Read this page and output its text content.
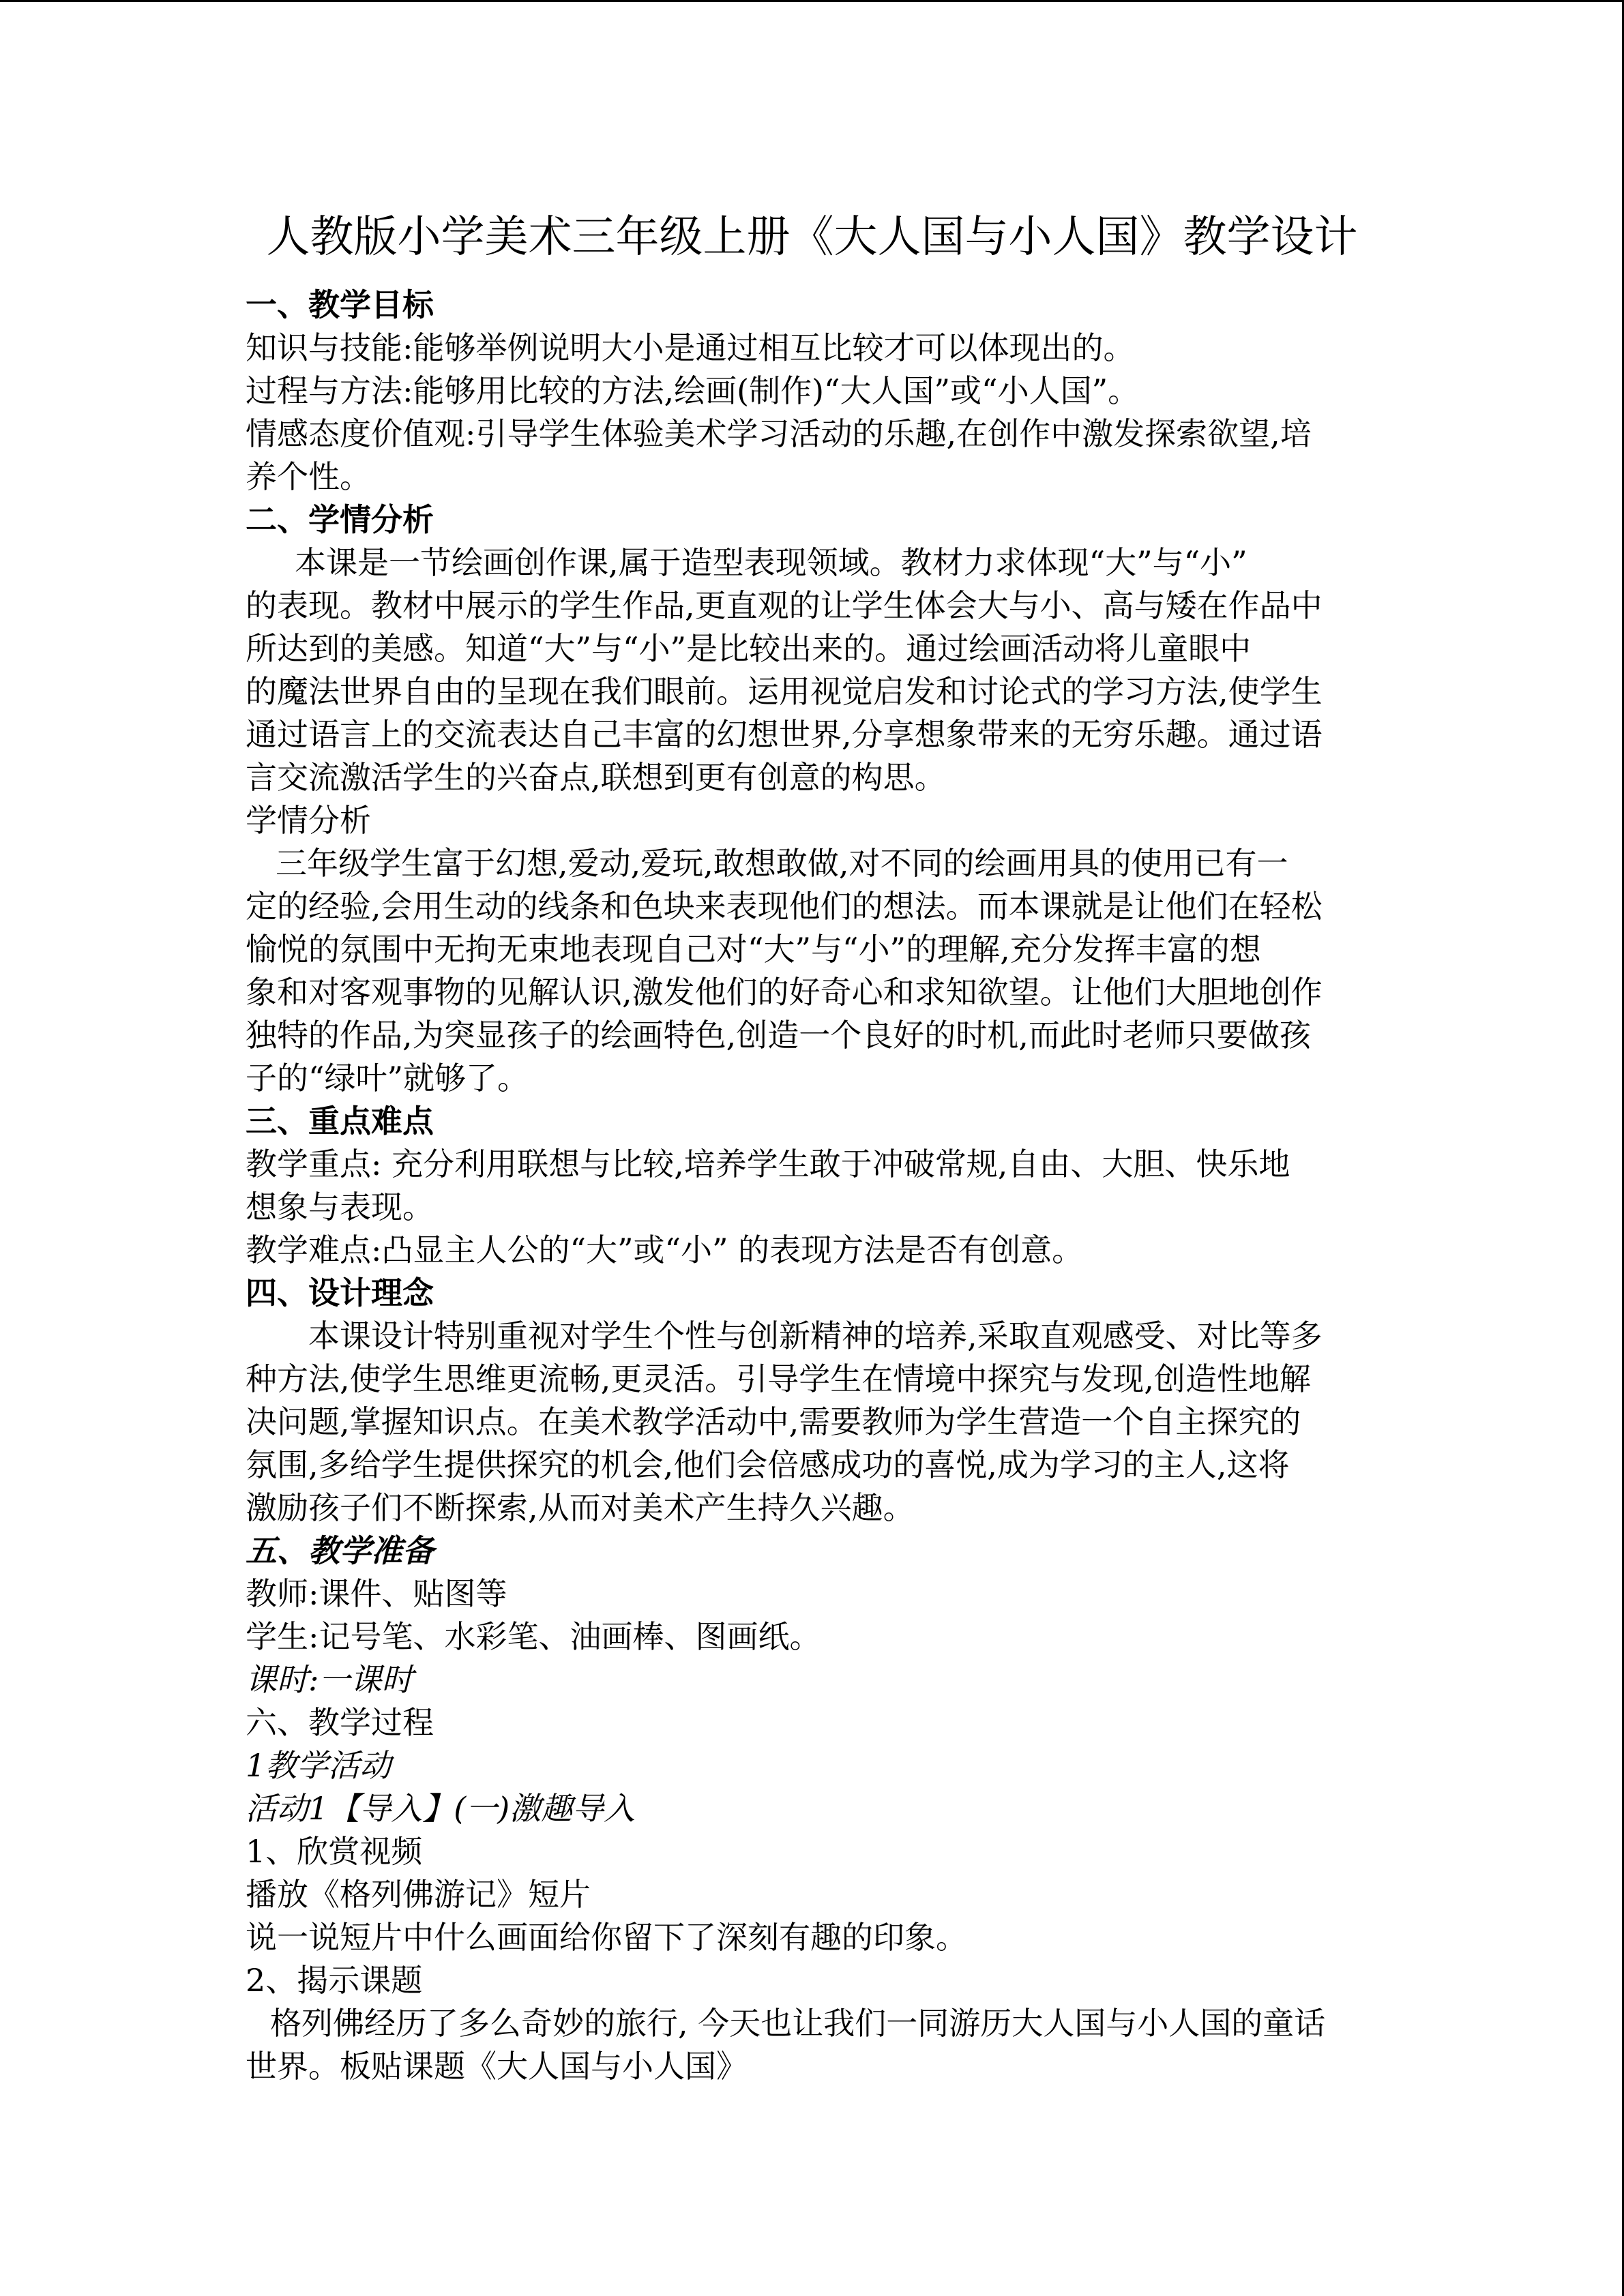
人教版小学美术三年级上册《大人国与小人国》教学设计
一、教学目标
知识与技能:能够举例说明大小是通过相互比较才可以体现出的。
过程与方法:能够用比较的方法,绘画(制作)“大人国”或“小人国”。
情感态度价值观:引导学生体验美术学习活动的乐趣,在创作中激发探索欲望,培
养个性。
二、学情分析
本课是一节绘画创作课,属于造型表现领域。教材力求体现“大”与“小”
的表现。教材中展示的学生作品,更直观的让学生体会大与小、高与矮在作品中
所达到的美感。知道“大”与“小”是比较出来的。通过绘画活动将儿童眼中
的魔法世界自由的呈现在我们眼前。运用视觉启发和讨论式的学习方法,使学生
通过语言上的交流表达自己丰富的幻想世界,分享想象带来的无穷乐趣。通过语
言交流激活学生的兴奋点,联想到更有创意的构思。
学情分析
三年级学生富于幻想,爱动,爱玩,敢想敢做,对不同的绘画用具的使用已有一
定的经验,会用生动的线条和色块来表现他们的想法。而本课就是让他们在轻松
愉悦的氛围中无拘无束地表现自己对“大”与“小”的理解,充分发挥丰富的想
象和对客观事物的见解认识,激发他们的好奇心和求知欲望。让他们大胆地创作
独特的作品,为突显孩子的绘画特色,创造一个良好的时机,而此时老师只要做孩
子的“绿叶”就够了。
三、重点难点
教学重点: 充分利用联想与比较,培养学生敢于冲破常规,自由、大胆、快乐地
想象与表现。
教学难点:凸显主人公的“大”或“小” 的表现方法是否有创意。
四、设计理念
本课设计特别重视对学生个性与创新精神的培养,采取直观感受、对比等多
种方法,使学生思维更流畅,更灵活。引导学生在情境中探究与发现,创造性地解
决问题,掌握知识点。在美术教学活动中,需要教师为学生营造一个自主探究的
氛围,多给学生提供探究的机会,他们会倍感成功的喜悦,成为学习的主人,这将
激励孩子们不断探索,从而对美术产生持久兴趣。
五、教学准备
教师:课件、贴图等
学生:记号笔、水彩笔、油画棒、图画纸。
课时:一课时
六、教学过程
1教学活动
活动1【导入】(一)激趣导入
1、欣赏视频
播放《格列佛游记》短片
说一说短片中什么画面给你留下了深刻有趣的印象。
2、揭示课题
格列佛经历了多么奇妙的旅行, 今天也让我们一同游历大人国与小人国的童话
世界。板贴课题《大人国与小人国》
